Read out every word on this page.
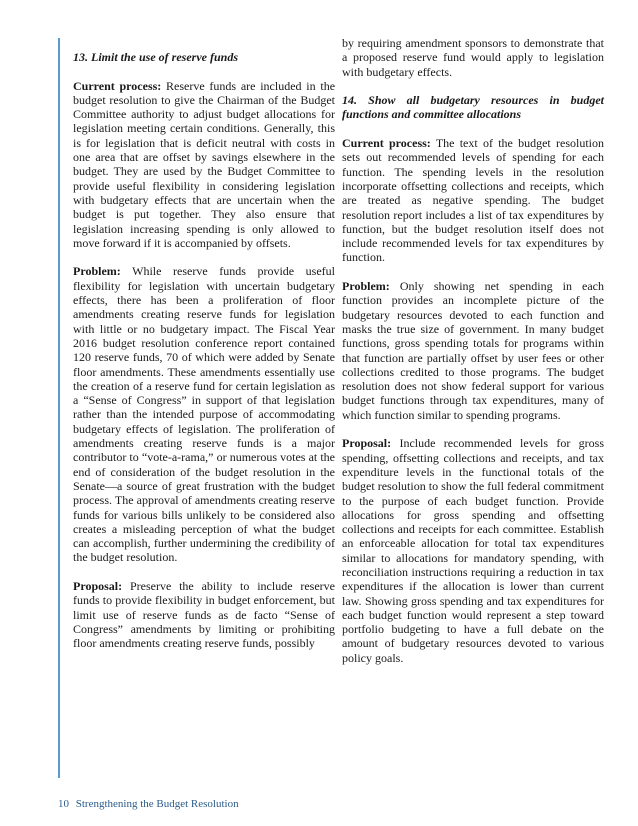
13. Limit the use of reserve funds

Current process: Reserve funds are included in the budget resolution to give the Chairman of the Budget Committee authority to adjust budget allocations for legislation meeting certain conditions. Generally, this is for legislation that is deficit neutral with costs in one area that are offset by savings elsewhere in the budget. They are used by the Budget Committee to provide useful flexibility in considering legislation with budgetary effects that are uncertain when the budget is put together. They also ensure that legislation increasing spending is only allowed to move forward if it is accompanied by offsets.

Problem: While reserve funds provide useful flexibility for legislation with uncertain budgetary effects, there has been a proliferation of floor amendments creating reserve funds for legislation with little or no budgetary impact. The Fiscal Year 2016 budget resolution conference report contained 120 reserve funds, 70 of which were added by Senate floor amendments. These amendments essentially use the creation of a reserve fund for certain legislation as a “Sense of Congress” in support of that legislation rather than the intended purpose of accommodating budgetary effects of legislation. The proliferation of amendments creating reserve funds is a major contributor to “vote-a-rama,” or numerous votes at the end of consideration of the budget resolution in the Senate—a source of great frustration with the budget process. The approval of amendments creating reserve funds for various bills unlikely to be considered also creates a misleading perception of what the budget can accomplish, further undermining the credibility of the budget resolution.

Proposal: Preserve the ability to include reserve funds to provide flexibility in budget enforcement, but limit use of reserve funds as de facto “Sense of Congress” amendments by limiting or prohibiting floor amendments creating reserve funds, possibly

by requiring amendment sponsors to demonstrate that a proposed reserve fund would apply to legislation with budgetary effects.

14. Show all budgetary resources in budget functions and committee allocations

Current process: The text of the budget resolution sets out recommended levels of spending for each function. The spending levels in the resolution incorporate offsetting collections and receipts, which are treated as negative spending. The budget resolution report includes a list of tax expenditures by function, but the budget resolution itself does not include recommended levels for tax expenditures by function.

Problem: Only showing net spending in each function provides an incomplete picture of the budgetary resources devoted to each function and masks the true size of government. In many budget functions, gross spending totals for programs within that function are partially offset by user fees or other collections credited to those programs. The budget resolution does not show federal support for various budget functions through tax expenditures, many of which function similar to spending programs.

Proposal: Include recommended levels for gross spending, offsetting collections and receipts, and tax expenditure levels in the functional totals of the budget resolution to show the full federal commitment to the purpose of each budget function. Provide allocations for gross spending and offsetting collections and receipts for each committee. Establish an enforceable allocation for total tax expenditures similar to allocations for mandatory spending, with reconciliation instructions requiring a reduction in tax expenditures if the allocation is lower than current law. Showing gross spending and tax expenditures for each budget function would represent a step toward portfolio budgeting to have a full debate on the amount of budgetary resources devoted to various policy goals.

10 Strengthening the Budget Resolution
